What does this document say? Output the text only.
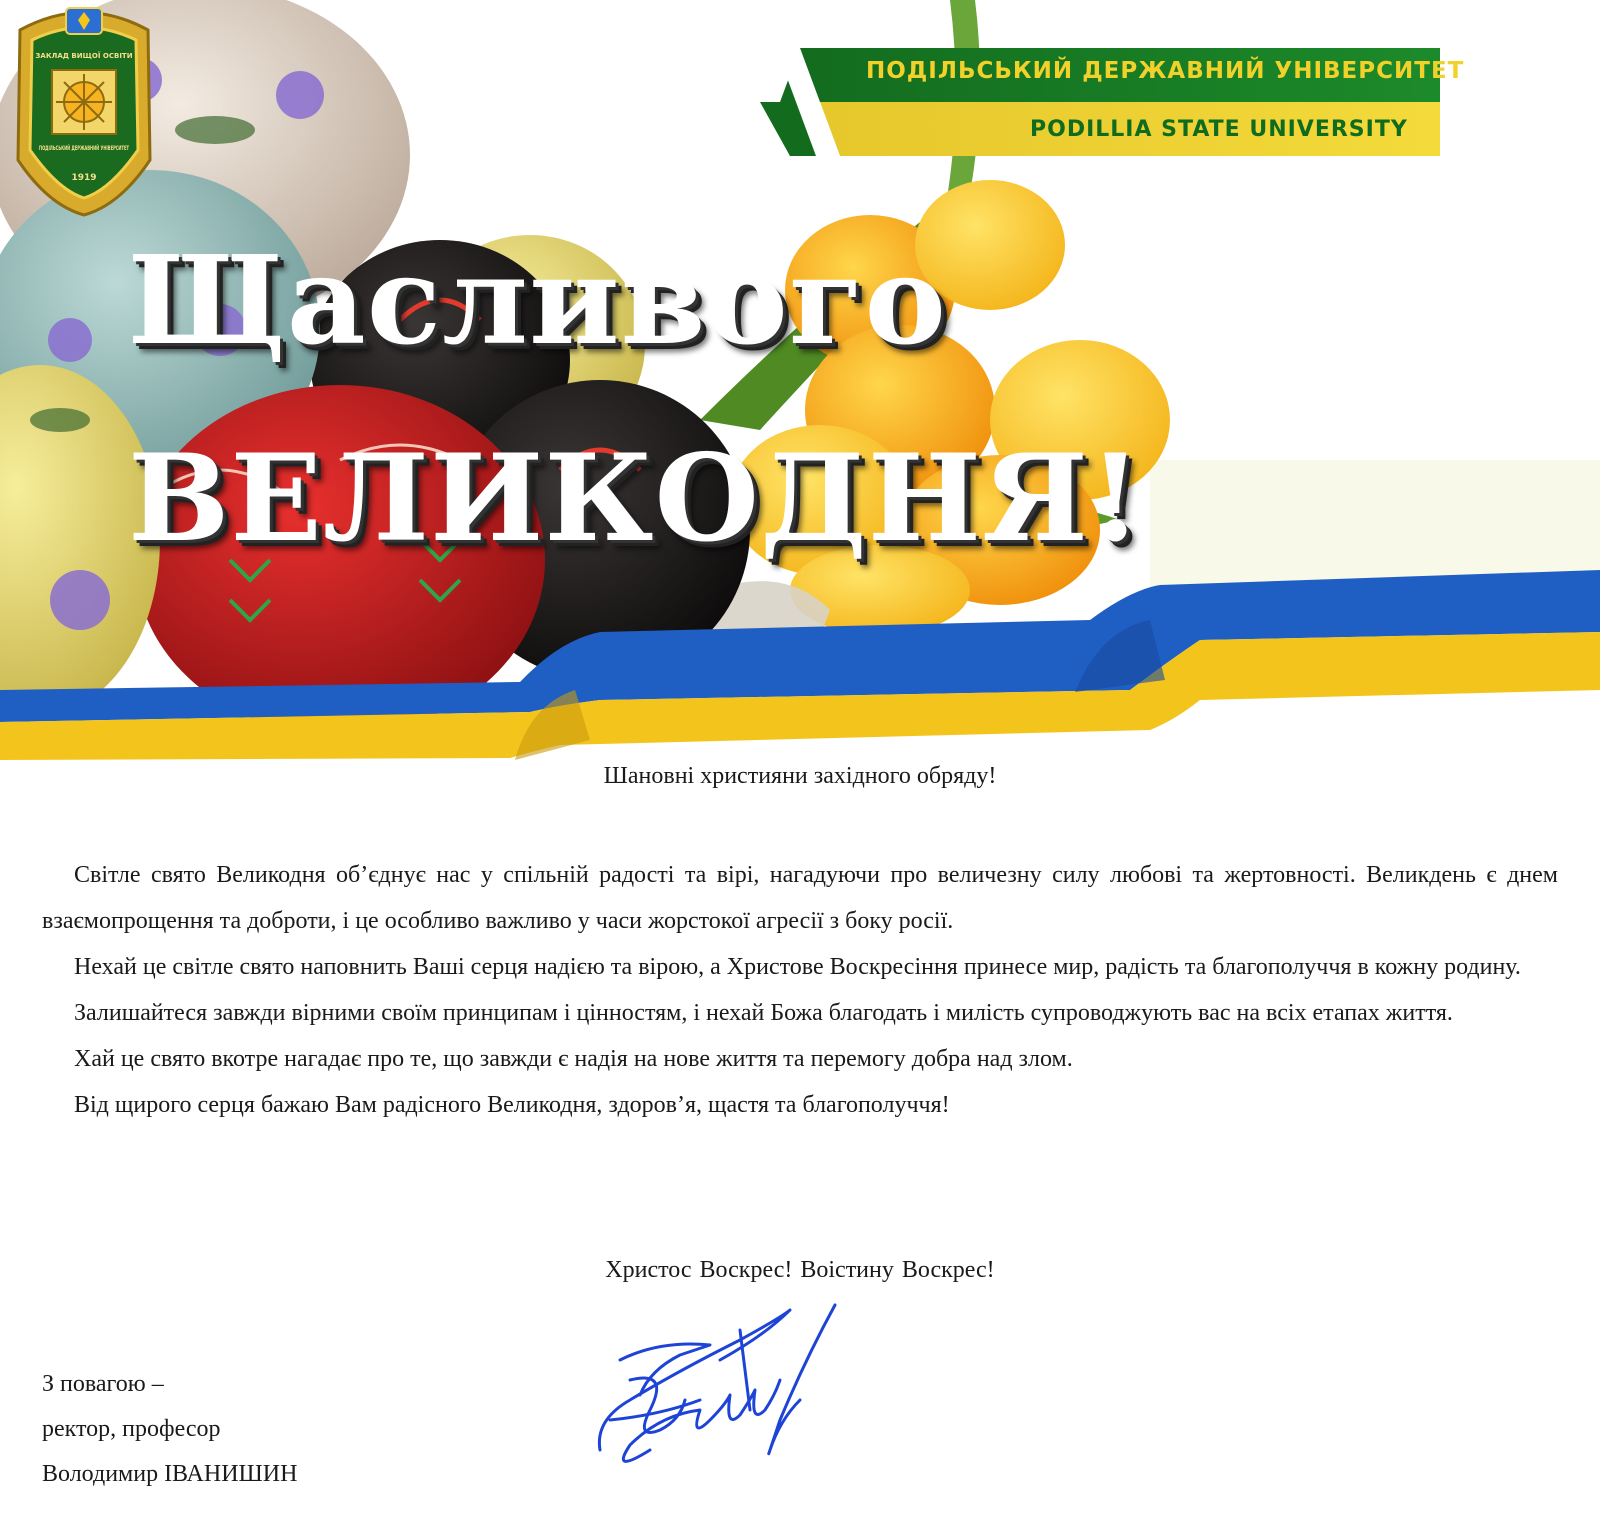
ПОДІЛЬСЬКИЙ ДЕРЖАВНИЙ УНІВЕРСИТЕТ
PODILLIA STATE UNIVERSITY
ЗАКЛАД ВИЩОЇ ОСВІТИ
ПОДІЛЬСЬКИЙ ДЕРЖАВНИЙ УНІВЕРСИТЕТ
1919
Щасливого
ВЕЛИКОДНЯ!
Шановні християни західного обряду!

Світле свято Великодня об’єднує нас у спільній радості та вірі, нагадуючи про величезну силу любові та жертовності. Великдень є днем взаємопрощення та доброти, і це особливо важливо у часи жорстокої агресії з боку росії.

Нехай це світле свято наповнить Ваші серця надією та вірою, а Христове Воскресіння принесе мир, радість та благополуччя в кожну родину.

Залишайтеся завжди вірними своїм принципам і цінностям, і нехай Божа благодать і милість супроводжують вас на всіх етапах життя.

Хай це свято вкотре нагадає про те, що завжди є надія на нове життя та перемогу добра над злом.

Від щирого серця бажаю Вам радісного Великодня, здоров’я, щастя та благополуччя!

Христос Воскрес! Воістину Воскрес!
З повагою –
ректор, професор
Володимир ІВАНИШИН
